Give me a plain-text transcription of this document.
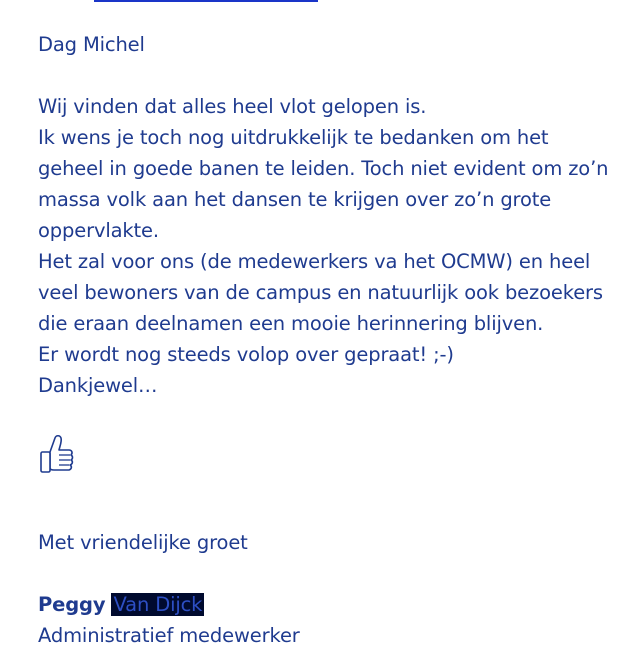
Dag Michel
Wij vinden dat alles heel vlot gelopen is.
Ik wens je toch nog uitdrukkelijk te bedanken om het
geheel in goede banen te leiden. Toch niet evident om zo’n
massa volk aan het dansen te krijgen over zo’n grote
oppervlakte.
Het zal voor ons (de medewerkers va het OCMW) en heel
veel bewoners van de campus en natuurlijk ook bezoekers
die eraan deelnamen een mooie herinnering blijven.
Er wordt nog steeds volop over gepraat! ;-)
Dankjewel…
Met vriendelijke groet
Peggy Van Dijck
Administratief medewerker
